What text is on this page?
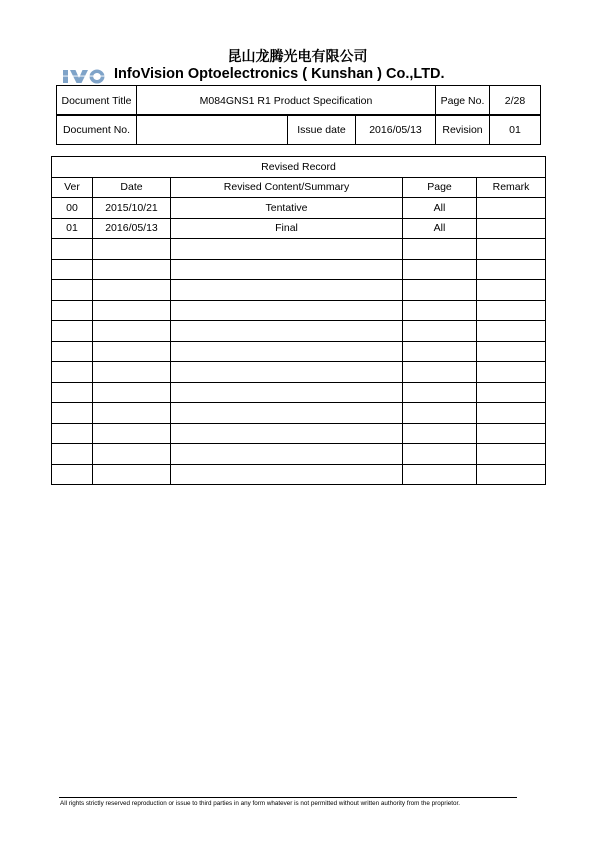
昆山龙腾光电有限公司
InfoVision Optoelectronics ( Kunshan ) Co.,LTD.
Document Title	M084GNS1 R1 Product Specification	Page No.	2/28
Document No.		Issue date	2016/05/13	Revision	01
Revised Record				
Ver	Date	Revised Content/Summary	Page	Remark
00	2015/10/21	Tentative	All	
01	2016/05/13	Final	All	

All rights strictly reserved reproduction or issue to third parties in any form whatever is not permitted without written authority from the proprietor.
